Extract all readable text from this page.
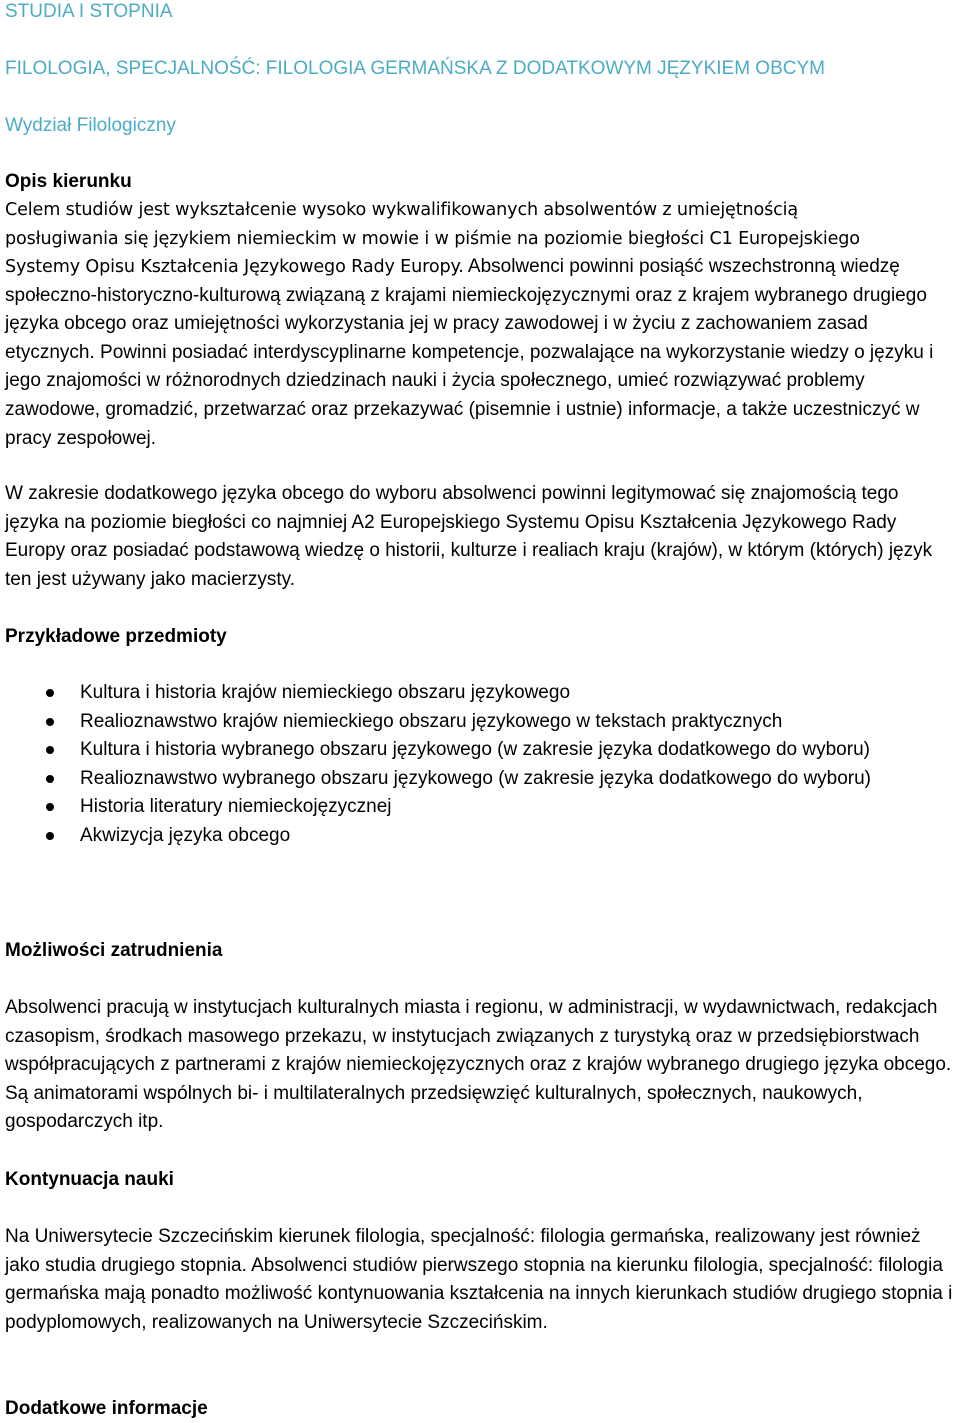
STUDIA I STOPNIA
FILOLOGIA, SPECJALNOŚĆ: FILOLOGIA GERMAŃSKA Z DODATKOWYM JĘZYKIEM OBCYM
Wydział Filologiczny
Opis kierunku

Celem studiów jest wykształcenie wysoko wykwalifikowanych absolwentów z umiejętnością

posługiwania się językiem niemieckim w mowie i w piśmie na poziomie biegłości C1 Europejskiego

Systemy Opisu Kształcenia Językowego Rady Europy. Absolwenci powinni posiąść wszechstronną wiedzę społeczno-historyczno-kulturową związaną z krajami niemieckojęzycznymi oraz z krajem wybranego drugiego języka obcego oraz umiejętności wykorzystania jej w pracy zawodowej i w życiu z zachowaniem zasad etycznych. Powinni posiadać interdyscyplinarne kompetencje, pozwalające na wykorzystanie wiedzy o języku i jego znajomości w różnorodnych dziedzinach nauki i życia społecznego, umieć rozwiązywać problemy zawodowe, gromadzić, przetwarzać oraz przekazywać (pisemnie i ustnie) informacje, a także uczestniczyć w pracy zespołowej.

W zakresie dodatkowego języka obcego do wyboru absolwenci powinni legitymować się znajomością tego języka na poziomie biegłości co najmniej A2 Europejskiego Systemu Opisu Kształcenia Językowego Rady Europy oraz posiadać podstawową wiedzę o historii, kulturze i realiach kraju (krajów), w którym (których) język ten jest używany jako macierzysty.

Przykładowe przedmioty
Kultura i historia krajów niemieckiego obszaru językowego
Realioznawstwo krajów niemieckiego obszaru językowego w tekstach praktycznych
Kultura i historia wybranego obszaru językowego (w zakresie języka dodatkowego do wyboru)
Realioznawstwo wybranego obszaru językowego (w zakresie języka dodatkowego do wyboru)
Historia literatury niemieckojęzycznej
Akwizycja języka obcego
Możliwości zatrudnienia

Absolwenci pracują w instytucjach kulturalnych miasta i regionu, w administracji, w wydawnictwach, redakcjach czasopism, środkach masowego przekazu, w instytucjach związanych z turystyką oraz w przedsiębiorstwach współpracujących z partnerami z krajów niemieckojęzycznych oraz z krajów wybranego drugiego języka obcego. Są animatorami wspólnych bi- i multilateralnych przedsięwzięć kulturalnych, społecznych, naukowych, gospodarczych itp.

Kontynuacja nauki

Na Uniwersytecie Szczecińskim kierunek filologia, specjalność: filologia germańska, realizowany jest również jako studia drugiego stopnia. Absolwenci studiów pierwszego stopnia na kierunku filologia, specjalność: filologia germańska mają ponadto możliwość kontynuowania kształcenia na innych kierunkach studiów drugiego stopnia i podyplomowych, realizowanych na Uniwersytecie Szczecińskim.

Dodatkowe informacje
